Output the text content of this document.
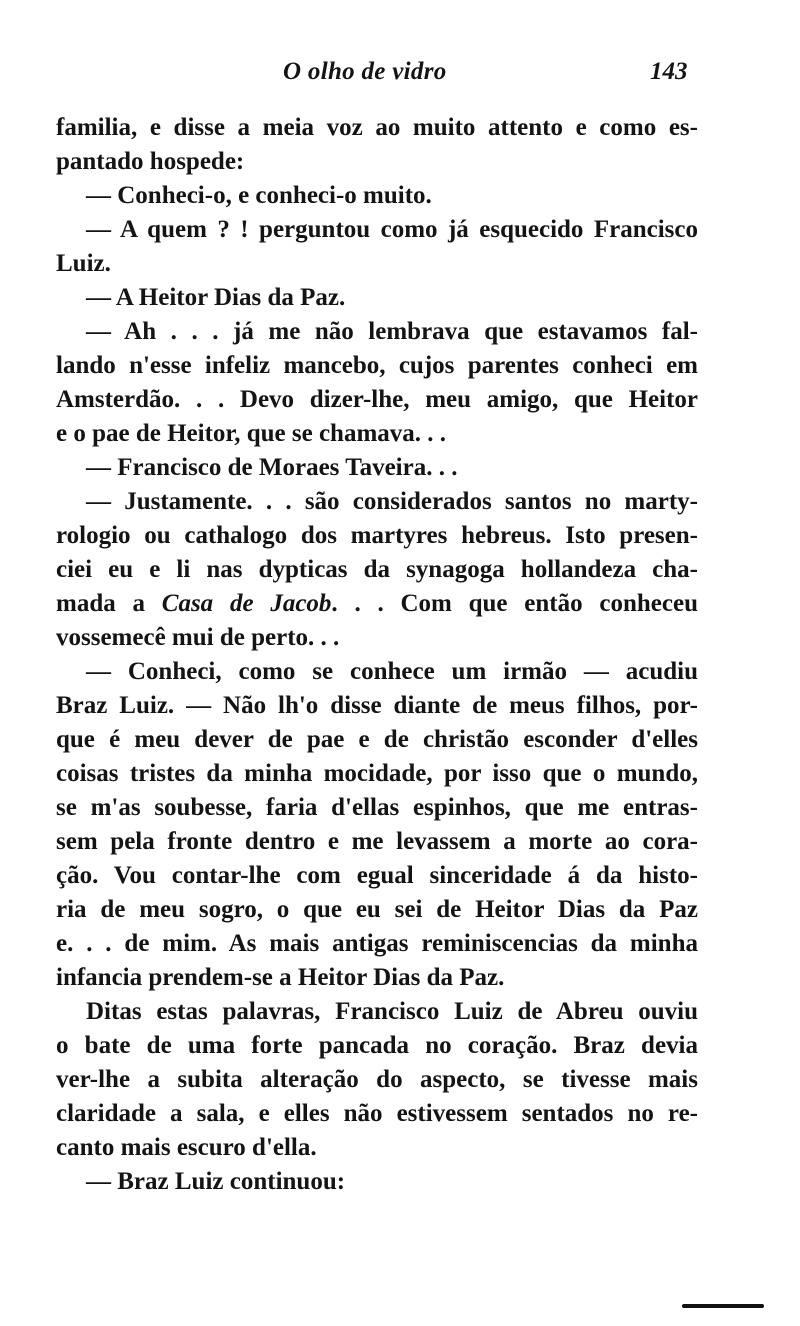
O olho de vidro	143
familia, e disse a meia voz ao muito attento e como es-
pantado hospede:
— Conheci-o, e conheci-o muito.
— A quem ? ! perguntou como já esquecido Francisco
Luiz.
— A Heitor Dias da Paz.
— Ah . . . já me não lembrava que estavamos fal-
lando n'esse infeliz mancebo, cujos parentes conheci em
Amsterdão. . . Devo dizer-lhe, meu amigo, que Heitor
e o pae de Heitor, que se chamava. . .
— Francisco de Moraes Taveira. . .
— Justamente. . . são considerados santos no marty-
rologio ou cathalogo dos martyres hebreus. Isto presen-
ciei eu e li nas dypticas da synagoga hollandeza cha-
mada a Casa de Jacob. . . Com que então conheceu
vossemecê mui de perto. . .
— Conheci, como se conhece um irmão — acudiu
Braz Luiz. — Não lh'o disse diante de meus filhos, por-
que é meu dever de pae e de christão esconder d'elles
coisas tristes da minha mocidade, por isso que o mundo,
se m'as soubesse, faria d'ellas espinhos, que me entras-
sem pela fronte dentro e me levassem a morte ao cora-
ção. Vou contar-lhe com egual sinceridade á da histo-
ria de meu sogro, o que eu sei de Heitor Dias da Paz
e. . . de mim. As mais antigas reminiscencias da minha
infancia prendem-se a Heitor Dias da Paz.
Ditas estas palavras, Francisco Luiz de Abreu ouviu
o bate de uma forte pancada no coração. Braz devia
ver-lhe a subita alteração do aspecto, se tivesse mais
claridade a sala, e elles não estivessem sentados no re-
canto mais escuro d'ella.
— Braz Luiz continuou:
